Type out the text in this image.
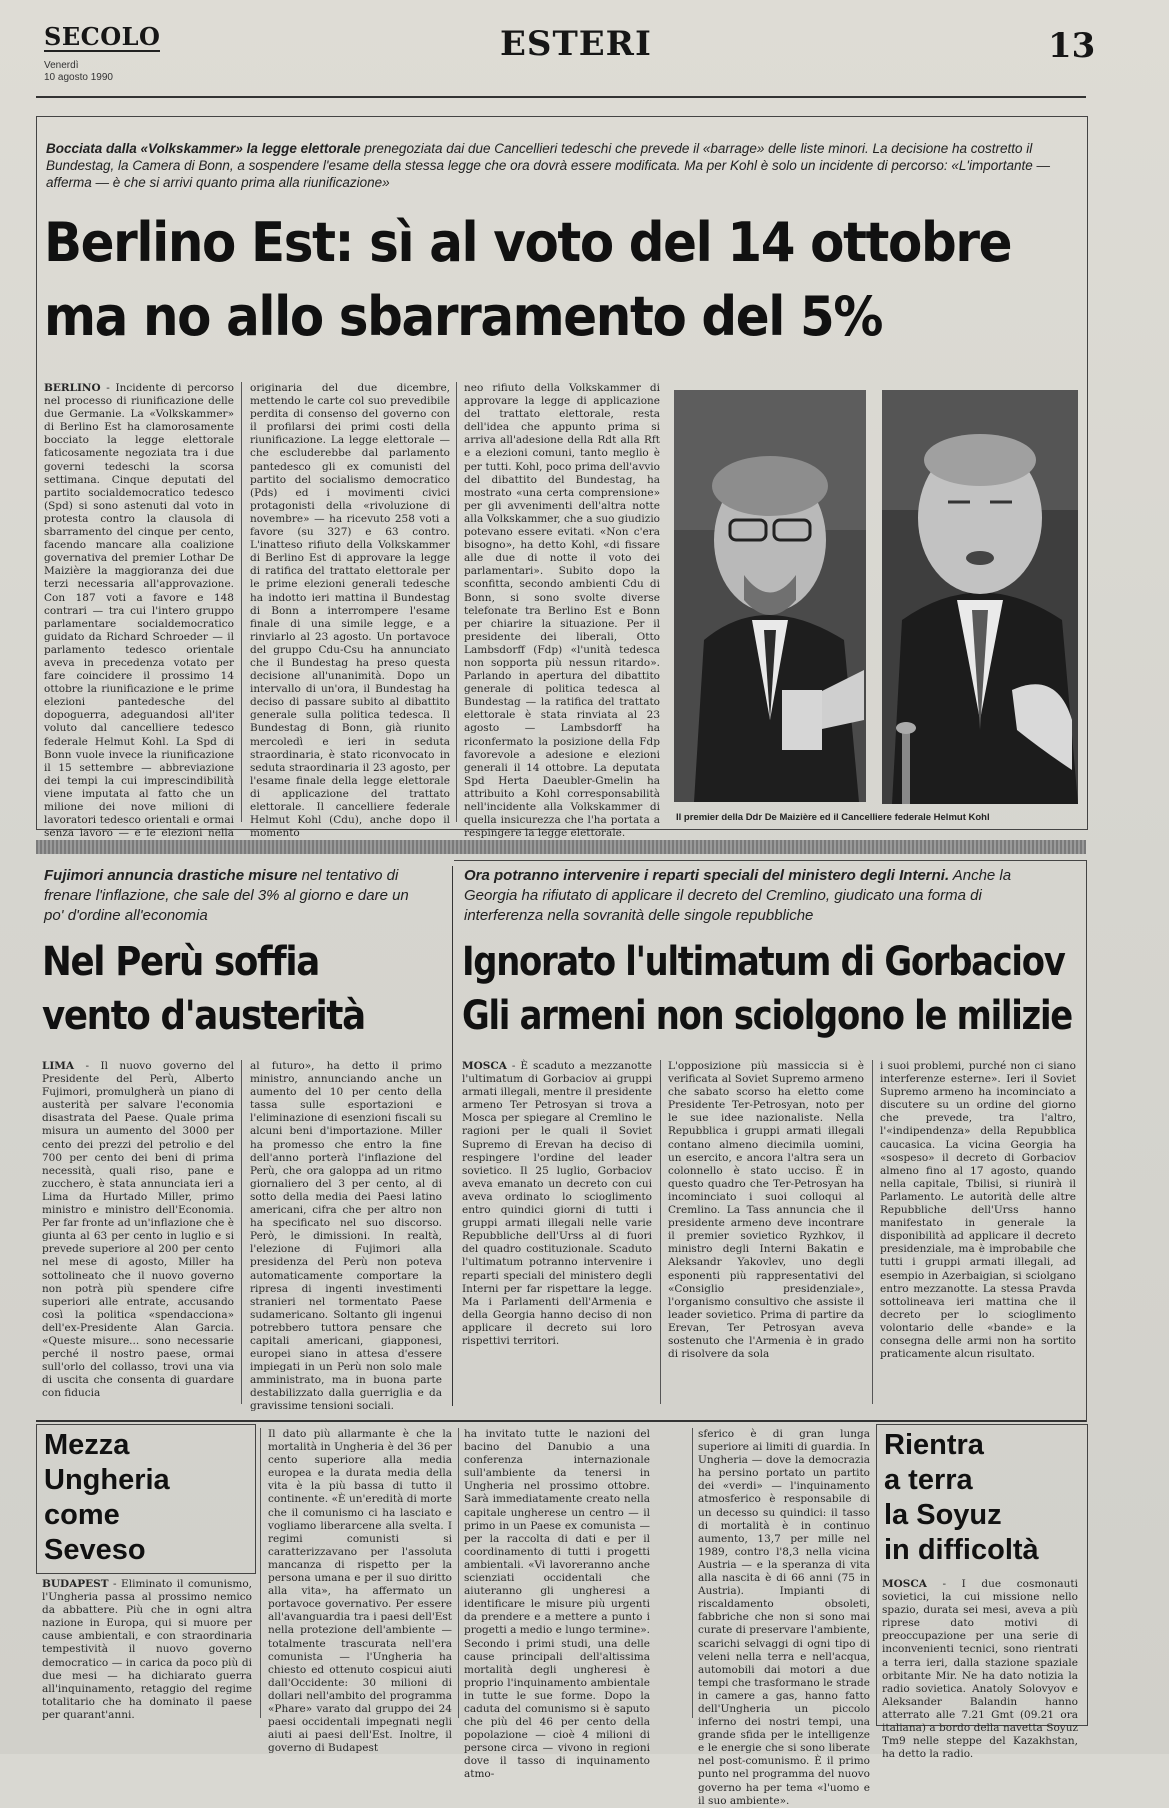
SECOLO
Venerdì
10 agosto 1990
ESTERI	13
Bocciata dalla «Volkskammer» la legge elettorale prenegoziata dai due Cancellieri tedeschi che prevede il «barrage» delle liste minori. La decisione ha costretto il Bundestag, la Camera di Bonn, a sospendere l'esame della stessa legge che ora dovrà essere modificata. Ma per Kohl è solo un incidente di percorso: «L'importante — afferma — è che si arrivi quanto prima alla riunificazione»
Berlino Est: sì al voto del 14 ottobre
ma no allo sbarramento del 5%
BERLINO - Incidente di percorso nel processo di riunificazione delle due Germanie. La «Volkskammer» di Berlino Est ha clamorosamente bocciato la legge elettorale faticosamente negoziata tra i due governi tedeschi la scorsa settimana. Cinque deputati del partito socialdemocratico tedesco (Spd) si sono astenuti dal voto in protesta contro la clausola di sbarramento del cinque per cento, facendo mancare alla coalizione governativa del premier Lothar De Maizière la maggioranza dei due terzi necessaria all'approvazione. Con 187 voti a favore e 148 contrari — tra cui l'intero gruppo parlamentare socialdemocratico guidato da Richard Schroeder — il parlamento tedesco orientale aveva in precedenza votato per fare coincidere il prossimo 14 ottobre la riunificazione e le prime elezioni pantedesche del dopoguerra, adeguandosi all'iter voluto dal cancelliere tedesco federale Helmut Kohl. La Spd di Bonn vuole invece la riunificazione il 15 settembre — abbreviazione dei tempi la cui imprescindibilità viene imputata al fatto che un milione dei nove milioni di lavoratori tedesco orientali e ormai senza lavoro — e le elezioni nella
originaria del due dicembre, mettendo le carte col suo prevedibile perdita di consenso del governo con il profilarsi dei primi costi della riunificazione. La legge elettorale — che escluderebbe dal parlamento pantedesco gli ex comunisti del partito del socialismo democratico (Pds) ed i movimenti civici protagonisti della «rivoluzione di novembre» — ha ricevuto 258 voti a favore (su 327) e 63 contro. L'inatteso rifiuto della Volkskammer di Berlino Est di approvare la legge di ratifica del trattato elettorale per le prime elezioni generali tedesche ha indotto ieri mattina il Bundestag di Bonn a interrompere l'esame finale di una simile legge, e a rinviarlo al 23 agosto. Un portavoce del gruppo Cdu-Csu ha annunciato che il Bundestag ha preso questa decisione all'unanimità. Dopo un intervallo di un'ora, il Bundestag ha deciso di passare subito al dibattito generale sulla politica tedesca. Il Bundestag di Bonn, già riunito mercoledì e ieri in seduta straordinaria, è stato riconvocato in seduta straordinaria il 23 agosto, per l'esame finale della legge elettorale di applicazione del trattato elettorale. Il cancelliere federale Helmut Kohl (Cdu), anche dopo il momento
neo rifiuto della Volkskammer di approvare la legge di applicazione del trattato elettorale, resta dell'idea che appunto prima si arriva all'adesione della Rdt alla Rft e a elezioni comuni, tanto meglio è per tutti. Kohl, poco prima dell'avvio del dibattito del Bundestag, ha mostrato «una certa comprensione» per gli avvenimenti dell'altra notte alla Volkskammer, che a suo giudizio potevano essere evitati. «Non c'era bisogno», ha detto Kohl, «di fissare alle due di notte il voto dei parlamentari». Subito dopo la sconfitta, secondo ambienti Cdu di Bonn, si sono svolte diverse telefonate tra Berlino Est e Bonn per chiarire la situazione. Per il presidente dei liberali, Otto Lambsdorff (Fdp) «l'unità tedesca non sopporta più nessun ritardo». Parlando in apertura del dibattito generale di politica tedesca al Bundestag — la ratifica del trattato elettorale è stata rinviata al 23 agosto — Lambsdorff ha riconfermato la posizione della Fdp favorevole a adesione e elezioni generali il 14 ottobre. La deputata Spd Herta Daeubler-Gmelin ha attribuito a Kohl corresponsabilità nell'incidente alla Volkskammer di quella insicurezza che l'ha portata a respingere la legge elettorale.
Il premier della Ddr De Maizière ed il Cancelliere federale Helmut Kohl
Fujimori annuncia drastiche misure nel tentativo di frenare l'inflazione, che sale del 3% al giorno e dare un po' d'ordine all'economia
Nel Perù soffia
vento d'austerità
LIMA - Il nuovo governo del Presidente del Perù, Alberto Fujimori, promulgherà un piano di austerità per salvare l'economia disastrata del Paese. Quale prima misura un aumento del 3000 per cento dei prezzi del petrolio e del 700 per cento dei beni di prima necessità, quali riso, pane e zucchero, è stata annunciata ieri a Lima da Hurtado Miller, primo ministro e ministro dell'Economia. Per far fronte ad un'inflazione che è giunta al 63 per cento in luglio e si prevede superiore al 200 per cento nel mese di agosto, Miller ha sottolineato che il nuovo governo non potrà più spendere cifre superiori alle entrate, accusando così la politica «spendacciona» dell'ex-Presidente Alan Garcia. «Queste misure... sono necessarie perché il nostro paese, ormai sull'orlo del collasso, trovi una via di uscita che consenta di guardare con fiducia
al futuro», ha detto il primo ministro, annunciando anche un aumento del 10 per cento della tassa sulle esportazioni e l'eliminazione di esenzioni fiscali su alcuni beni d'importazione. Miller ha promesso che entro la fine dell'anno porterà l'inflazione del Perù, che ora galoppa ad un ritmo giornaliero del 3 per cento, al di sotto della media dei Paesi latino americani, cifra che per altro non ha specificato nel suo discorso. Però, le dimissioni. In realtà, l'elezione di Fujimori alla presidenza del Perù non poteva automaticamente comportare la ripresa di ingenti investimenti stranieri nel tormentato Paese sudamericano. Soltanto gli ingenui potrebbero tuttora pensare che capitali americani, giapponesi, europei siano in attesa d'essere impiegati in un Perù non solo male amministrato, ma in buona parte destabilizzato dalla guerriglia e da gravissime tensioni sociali.
Ora potranno intervenire i reparti speciali del ministero degli Interni. Anche la Georgia ha rifiutato di applicare il decreto del Cremlino, giudicato una forma di interferenza nella sovranità delle singole repubbliche
Ignorato l'ultimatum di Gorbaciov
Gli armeni non sciolgono le milizie
MOSCA - È scaduto a mezzanotte l'ultimatum di Gorbaciov ai gruppi armati illegali, mentre il presidente armeno Ter Petrosyan si trova a Mosca per spiegare al Cremlino le ragioni per le quali il Soviet Supremo di Erevan ha deciso di respingere l'ordine del leader sovietico. Il 25 luglio, Gorbaciov aveva emanato un decreto con cui aveva ordinato lo scioglimento entro quindici giorni di tutti i gruppi armati illegali nelle varie Repubbliche dell'Urss al di fuori del quadro costituzionale. Scaduto l'ultimatum potranno intervenire i reparti speciali del ministero degli Interni per far rispettare la legge. Ma i Parlamenti dell'Armenia e della Georgia hanno deciso di non applicare il decreto sui loro rispettivi territori.
L'opposizione più massiccia si è verificata al Soviet Supremo armeno che sabato scorso ha eletto come Presidente Ter-Petrosyan, noto per le sue idee nazionaliste. Nella Repubblica i gruppi armati illegali contano almeno diecimila uomini, un esercito, e ancora l'altra sera un colonnello è stato ucciso. È in questo quadro che Ter-Petrosyan ha incominciato i suoi colloqui al Cremlino. La Tass annuncia che il presidente armeno deve incontrare il premier sovietico Ryzhkov, il ministro degli Interni Bakatin e Aleksandr Yakovlev, uno degli esponenti più rappresentativi del «Consiglio presidenziale», l'organismo consultivo che assiste il leader sovietico. Prima di partire da Erevan, Ter Petrosyan aveva sostenuto che l'Armenia è in grado di risolvere da sola
i suoi problemi, purché non ci siano interferenze esterne». Ieri il Soviet Supremo armeno ha incominciato a discutere su un ordine del giorno che prevede, tra l'altro, l'«indipendenza» della Repubblica caucasica. La vicina Georgia ha «sospeso» il decreto di Gorbaciov almeno fino al 17 agosto, quando nella capitale, Tbilisi, si riunirà il Parlamento. Le autorità delle altre Repubbliche dell'Urss hanno manifestato in generale la disponibilità ad applicare il decreto presidenziale, ma è improbabile che tutti i gruppi armati illegali, ad esempio in Azerbaigian, si sciolgano entro mezzanotte. La stessa Pravda sottolineava ieri mattina che il decreto per lo scioglimento volontario delle «bande» e la consegna delle armi non ha sortito praticamente alcun risultato.
Mezza
Ungheria
come
Seveso
BUDAPEST - Eliminato il comunismo, l'Ungheria passa al prossimo nemico da abbattere. Più che in ogni altra nazione in Europa, qui si muore per cause ambientali, e con straordinaria tempestività il nuovo governo democratico — in carica da poco più di due mesi — ha dichiarato guerra all'inquinamento, retaggio del regime totalitario che ha dominato il paese per quarant'anni.
Il dato più allarmante è che la mortalità in Ungheria è del 36 per cento superiore alla media europea e la durata media della vita è la più bassa di tutto il continente. «È un'eredità di morte che il comunismo ci ha lasciato e vogliamo liberarcene alla svelta. I regimi comunisti si caratterizzavano per l'assoluta mancanza di rispetto per la persona umana e per il suo diritto alla vita», ha affermato un portavoce governativo. Per essere all'avanguardia tra i paesi dell'Est nella protezione dell'ambiente — totalmente trascurata nell'era comunista — l'Ungheria ha chiesto ed ottenuto cospicui aiuti dall'Occidente: 30 milioni di dollari nell'ambito del programma «Phare» varato dal gruppo dei 24 paesi occidentali impegnati negli aiuti ai paesi dell'Est. Inoltre, il governo di Budapest
ha invitato tutte le nazioni del bacino del Danubio a una conferenza internazionale sull'ambiente da tenersi in Ungheria nel prossimo ottobre. Sarà immediatamente creato nella capitale ungherese un centro — il primo in un Paese ex comunista — per la raccolta di dati e per il coordinamento di tutti i progetti ambientali. «Vi lavoreranno anche scienziati occidentali che aiuteranno gli ungheresi a identificare le misure più urgenti da prendere e a mettere a punto i progetti a medio e lungo termine». Secondo i primi studi, una delle cause principali dell'altissima mortalità degli ungheresi è proprio l'inquinamento ambientale in tutte le sue forme. Dopo la caduta del comunismo si è saputo che più del 46 per cento della popolazione — cioè 4 milioni di persone circa — vivono in regioni dove il tasso di inquinamento atmo-
sferico è di gran lunga superiore ai limiti di guardia. In Ungheria — dove la democrazia ha persino portato un partito dei «verdi» — l'inquinamento atmosferico è responsabile di un decesso su quindici: il tasso di mortalità è in continuo aumento, 13,7 per mille nel 1989, contro l'8,3 nella vicina Austria — e la speranza di vita alla nascita è di 66 anni (75 in Austria). Impianti di riscaldamento obsoleti, fabbriche che non si sono mai curate di preservare l'ambiente, scarichi selvaggi di ogni tipo di veleni nella terra e nell'acqua, automobili dai motori a due tempi che trasformano le strade in camere a gas, hanno fatto dell'Ungheria un piccolo inferno dei nostri tempi, una grande sfida per le intelligenze e le energie che si sono liberate nel post-comunismo. È il primo punto nel programma del nuovo governo ha per tema «l'uomo e il suo ambiente».
Rientra
a terra
la Soyuz
in difficoltà
MOSCA - I due cosmonauti sovietici, la cui missione nello spazio, durata sei mesi, aveva a più riprese dato motivi di preoccupazione per una serie di inconvenienti tecnici, sono rientrati a terra ieri, dalla stazione spaziale orbitante Mir. Ne ha dato notizia la radio sovietica. Anatoly Solovyov e Aleksander Balandin hanno atterrato alle 7.21 Gmt (09.21 ora italiana) a bordo della navetta Soyuz Tm9 nelle steppe del Kazakhstan, ha detto la radio.
